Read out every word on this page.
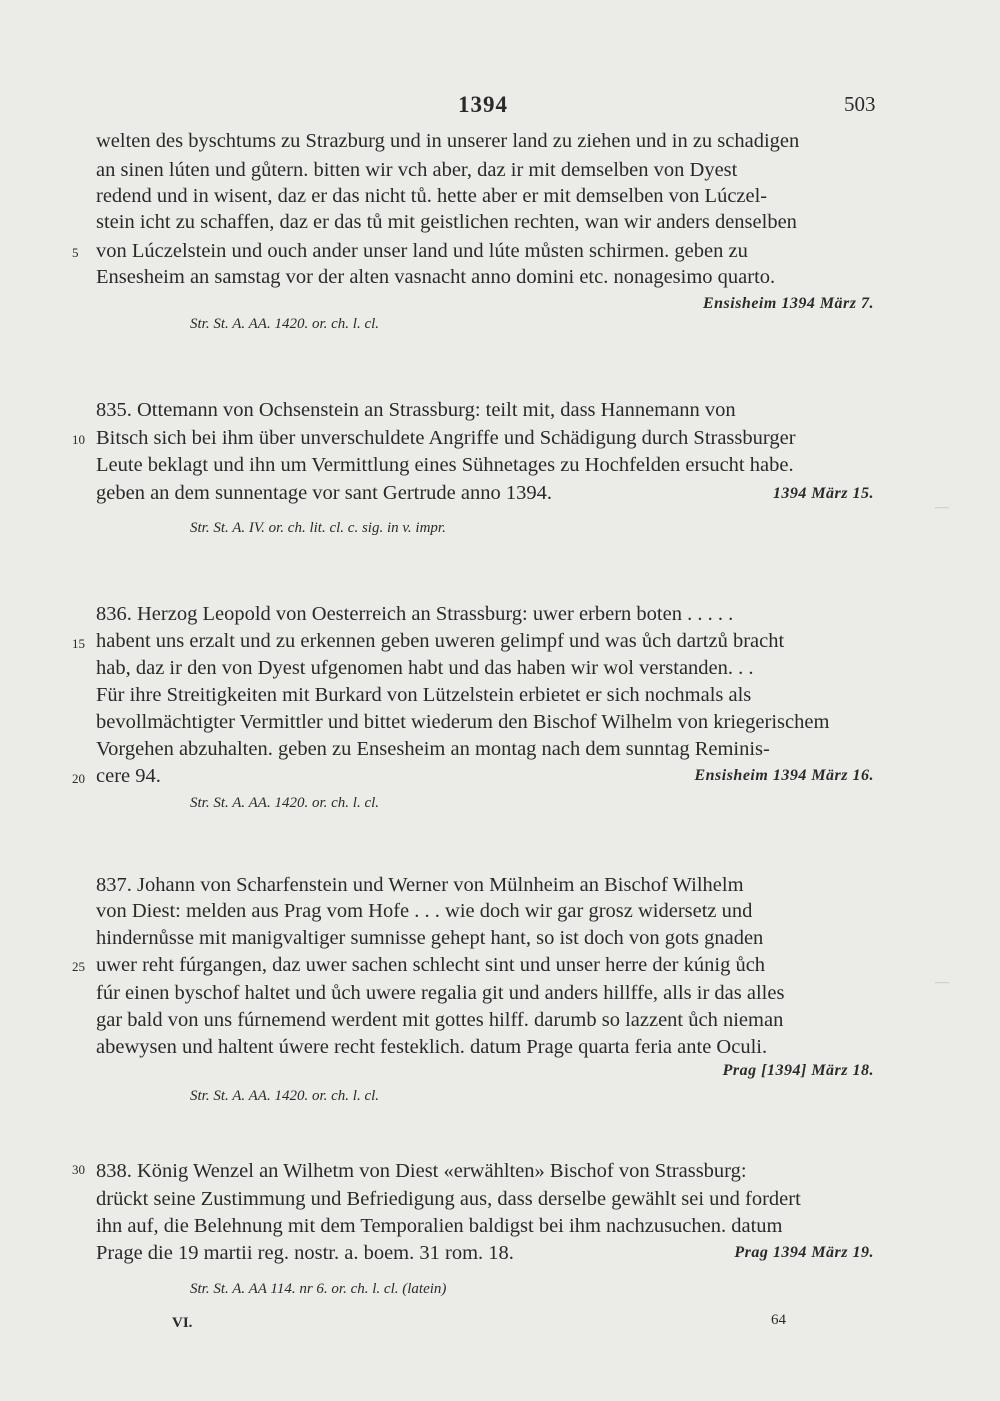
1394	503
welten des byschtums zu Strazburg und in unserer land zu ziehen und in zu schadigen
an sinen lúten und gůtern. bitten wir vch aber, daz ir mit demselben von Dyest
redend und in wisent, daz er das nicht tů. hette aber er mit demselben von Lúczel-
stein icht zu schaffen, daz er das tů mit geistlichen rechten, wan wir anders denselben
5 von Lúczelstein und ouch ander unser land und lúte můsten schirmen. geben zu
Ensesheim an samstag vor der alten vasnacht anno domini etc. nonagesimo quarto.
Ensisheim 1394 März 7.
Str. St. A. AA. 1420. or. ch. l. cl.
835. Ottemann von Ochsenstein an Strassburg: teilt mit, dass Hannemann von
10 Bitsch sich bei ihm über unverschuldete Angriffe und Schädigung durch Strassburger
Leute beklagt und ihn um Vermittlung eines Sühnetages zu Hochfelden ersucht habe.
geben an dem sunnentage vor sant Gertrude anno 1394.	1394 März 15.
Str. St. A. IV. or. ch. lit. cl. c. sig. in v. impr.
836. Herzog Leopold von Oesterreich an Strassburg: uwer erbern boten . . . . .
15 habent uns erzalt und zu erkennen geben uweren gelimpf und was ůch dartzů bracht
hab, daz ir den von Dyest ufgenomen habt und das haben wir wol verstanden. . .
Für ihre Streitigkeiten mit Burkard von Lützelstein erbietet er sich nochmals als
bevollmächtigter Vermittler und bittet wiederum den Bischof Wilhelm von kriegerischem
Vorgehen abzuhalten. geben zu Ensesheim an montag nach dem sunntag Reminis-
20 cere 94.	Ensisheim 1394 März 16.
Str. St. A. AA. 1420. or. ch. l. cl.
837. Johann von Scharfenstein und Werner von Mülnheim an Bischof Wilhelm
von Diest: melden aus Prag vom Hofe . . . wie doch wir gar grosz widersetz und
hindernůsse mit manigvaltiger sumnisse gehept hant, so ist doch von gots gnaden
25 uwer reht fúrgangen, daz uwer sachen schlecht sint und unser herre der kúnig ůch
fúr einen byschof haltet und ůch uwere regalia git und anders hillffe, alls ir das alles
gar bald von uns fúrnemend werdent mit gottes hilff. darumb so lazzent ůch nieman
abewysen und haltent úwere recht festeklich. datum Prage quarta feria ante Oculi.
Prag [1394] März 18.
Str. St. A. AA. 1420. or. ch. l. cl.
30 838. König Wenzel an Wilhetm von Diest «erwählten» Bischof von Strassburg:
drückt seine Zustimmung und Befriedigung aus, dass derselbe gewählt sei und fordert
ihn auf, die Belehnung mit dem Temporalien baldigst bei ihm nachzusuchen. datum
Prage die 19 martii reg. nostr. a. boem. 31 rom. 18.	Prag 1394 März 19.
Str. St. A. AA 114. nr 6. or. ch. l. cl. (latein)
VI.	64
—
—
